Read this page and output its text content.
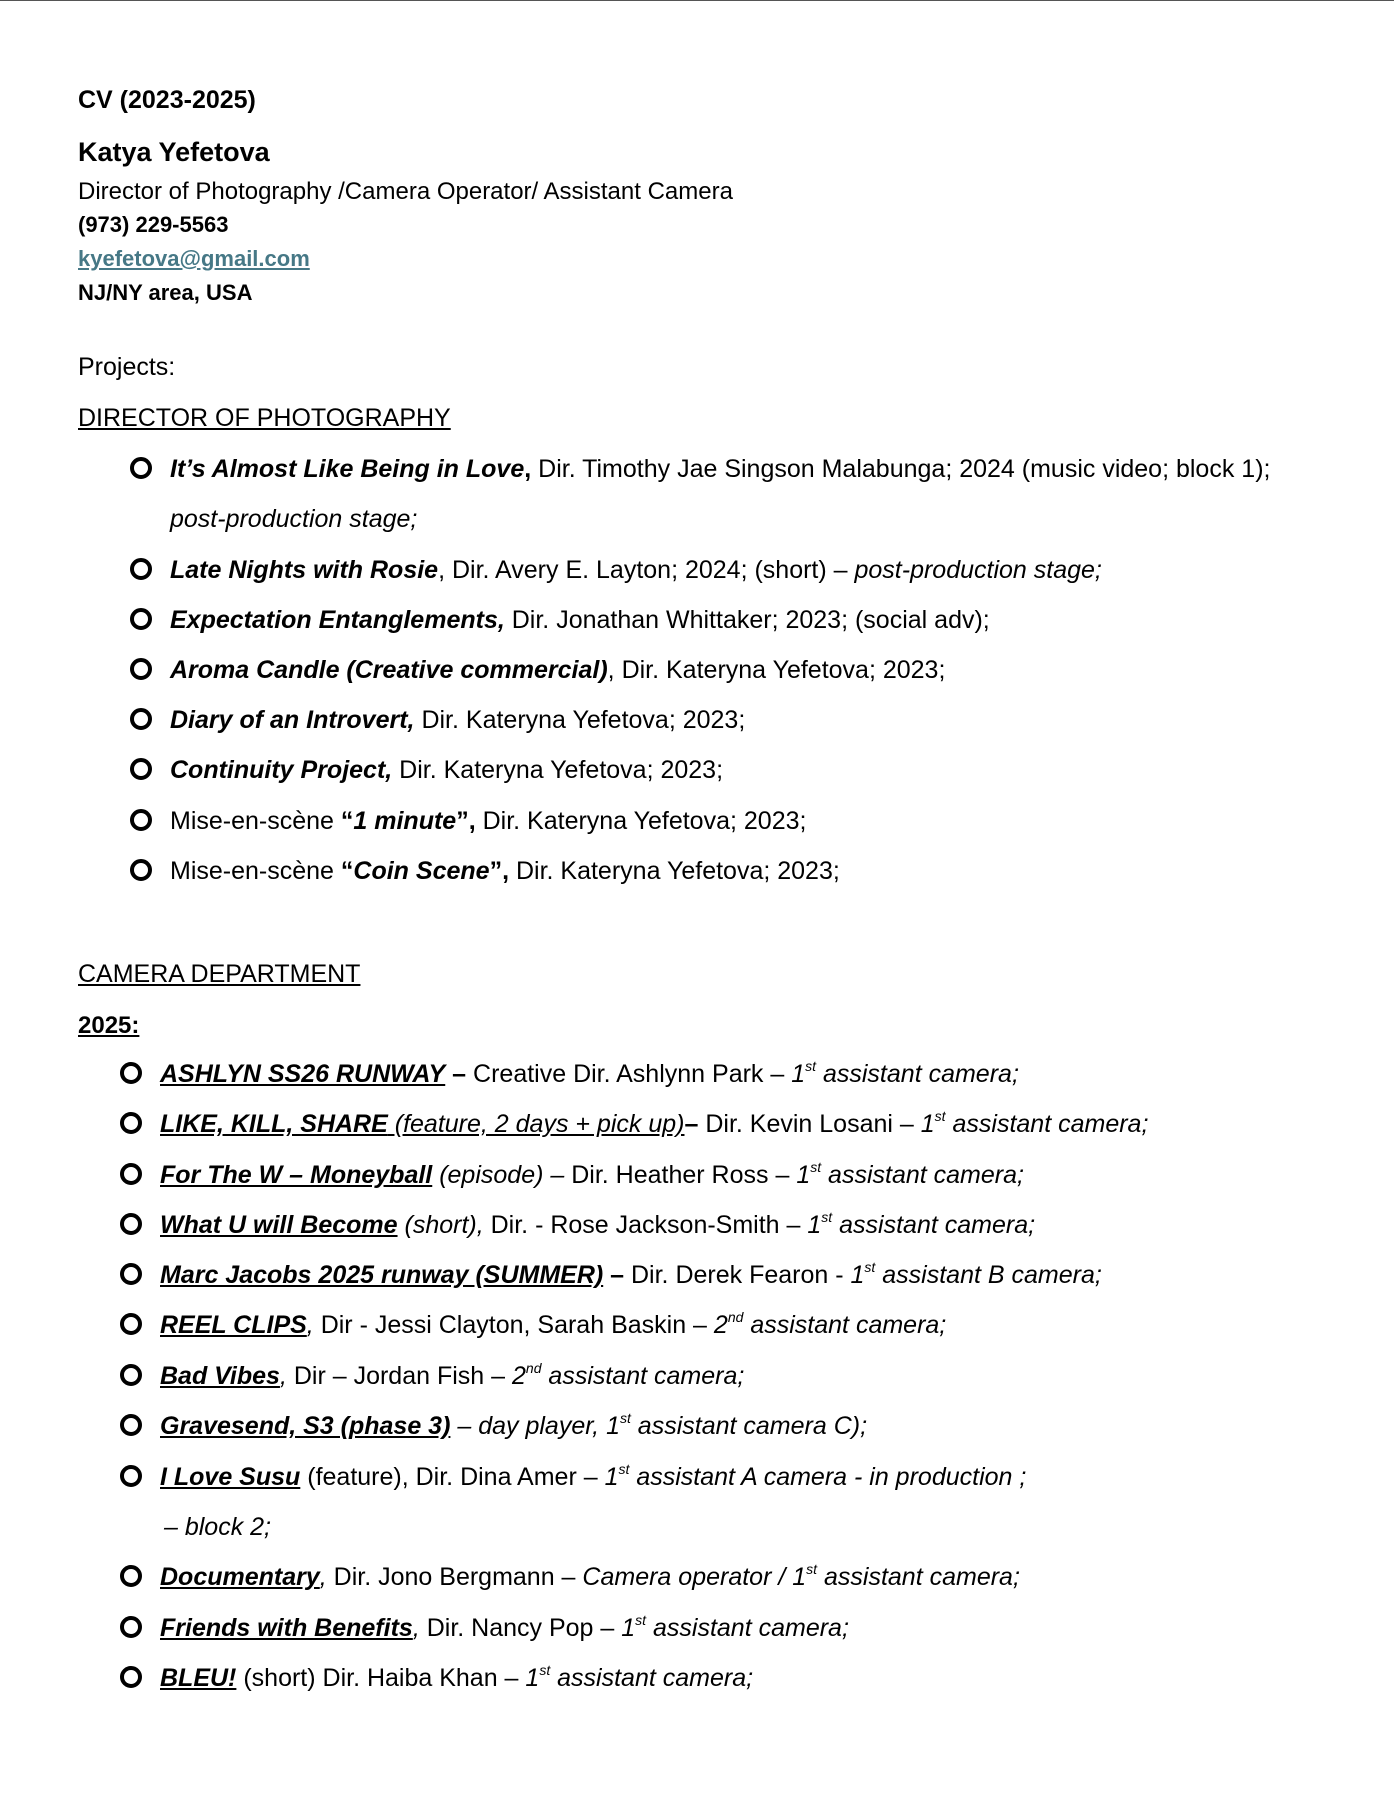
CV (2023-2025)
Katya Yefetova
Director of Photography /Camera Operator/ Assistant Camera
(973) 229-5563
kyefetova@gmail.com
NJ/NY area, USA
Projects:
DIRECTOR OF PHOTOGRAPHY
It’s Almost Like Being in Love, Dir. Timothy Jae Singson Malabunga; 2024 (music video; block 1);
post-production stage;
Late Nights with Rosie, Dir. Avery E. Layton; 2024; (short) – post-production stage;
Expectation Entanglements, Dir. Jonathan Whittaker; 2023; (social adv);
Aroma Candle (Creative commercial), Dir. Kateryna Yefetova; 2023;
Diary of an Introvert, Dir. Kateryna Yefetova; 2023;
Continuity Project, Dir. Kateryna Yefetova; 2023;
Mise-en-scène “1 minute”, Dir. Kateryna Yefetova; 2023;
Mise-en-scène “Coin Scene”, Dir. Kateryna Yefetova; 2023;
CAMERA DEPARTMENT
2025:
ASHLYN SS26 RUNWAY – Creative Dir. Ashlynn Park – 1st assistant camera;
LIKE, KILL, SHARE (feature, 2 days + pick up)– Dir. Kevin Losani – 1st assistant camera;
For The W – Moneyball (episode) – Dir. Heather Ross – 1st assistant camera;
What U will Become (short), Dir. - Rose Jackson-Smith – 1st assistant camera;
Marc Jacobs 2025 runway (SUMMER) – Dir. Derek Fearon - 1st assistant B camera;
REEL CLIPS, Dir - Jessi Clayton, Sarah Baskin – 2nd assistant camera;
Bad Vibes, Dir – Jordan Fish – 2nd assistant camera;
Gravesend, S3 (phase 3) – day player, 1st assistant camera C);
I Love Susu (feature), Dir. Dina Amer – 1st assistant A camera - in production ;
– block 2;
Documentary, Dir. Jono Bergmann – Camera operator / 1st assistant camera;
Friends with Benefits, Dir. Nancy Pop – 1st assistant camera;
BLEU! (short) Dir. Haiba Khan – 1st assistant camera;
